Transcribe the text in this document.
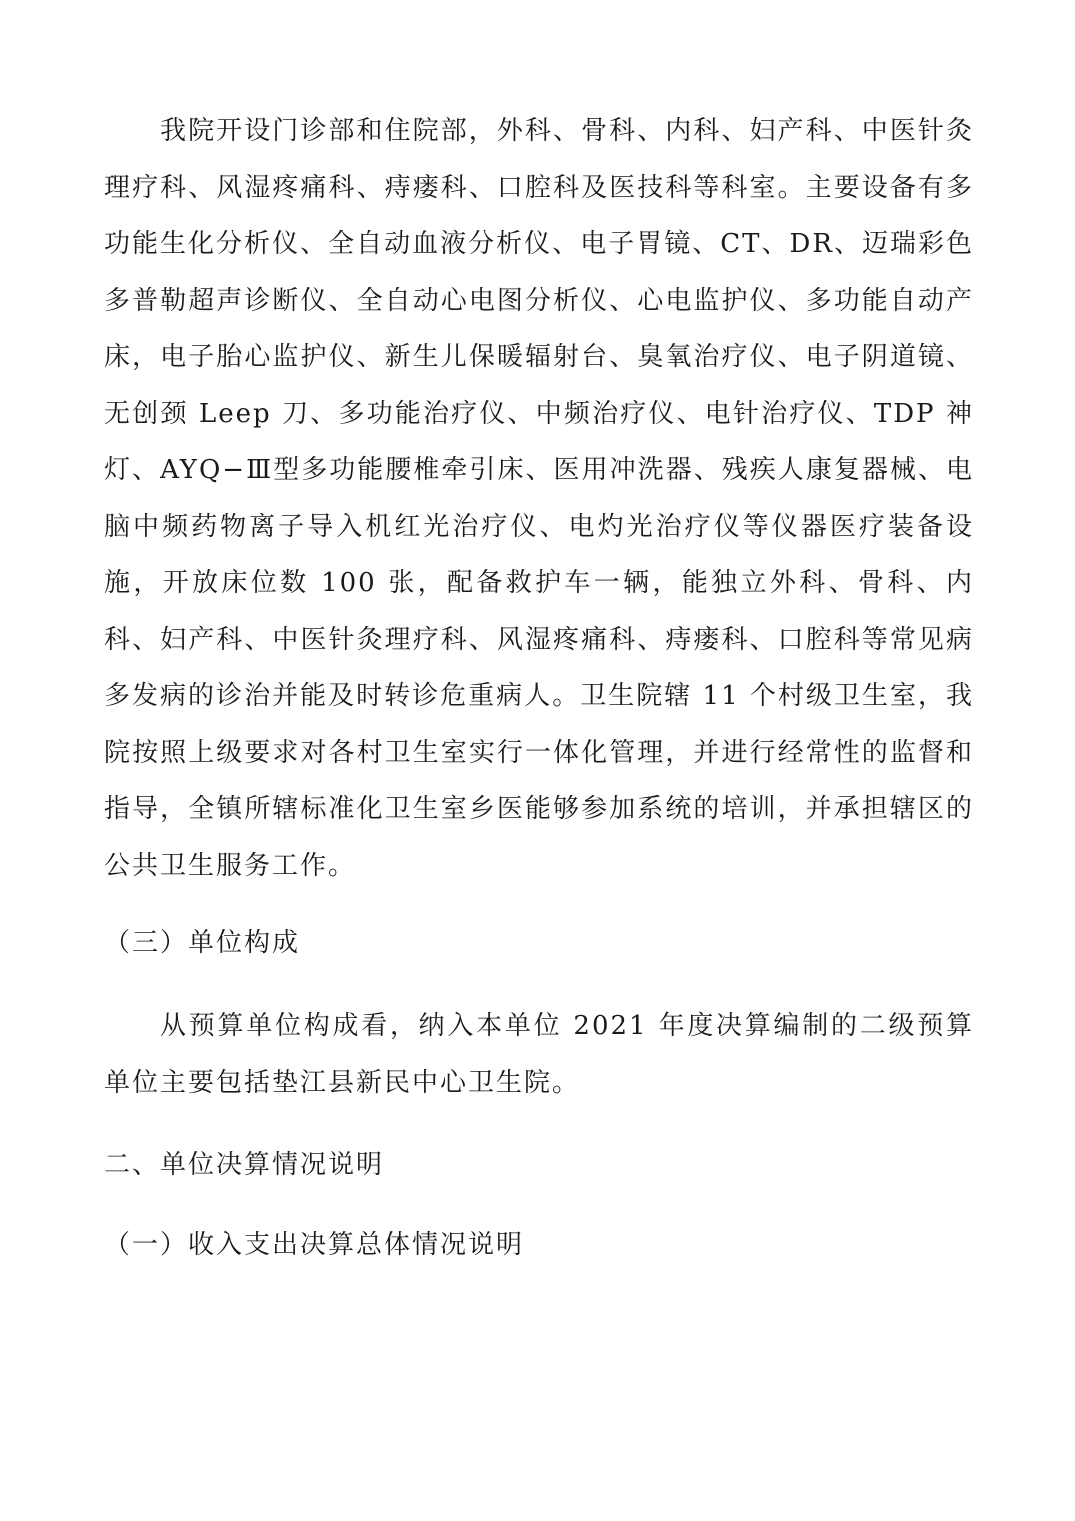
我院开设门诊部和住院部，外科、骨科、内科、妇产科、中医针灸理疗科、风湿疼痛科、痔瘘科、口腔科及医技科等科室。主要设备有多功能生化分析仪、全自动血液分析仪、电子胃镜、CT、DR、迈瑞彩色多普勒超声诊断仪、全自动心电图分析仪、心电监护仪、多功能自动产床，电子胎心监护仪、新生儿保暖辐射台、臭氧治疗仪、电子阴道镜、无创颈 Leep 刀、多功能治疗仪、中频治疗仪、电针治疗仪、TDP 神灯、AYQ−Ⅲ型多功能腰椎牵引床、医用冲洗器、残疾人康复器械、电脑中频药物离子导入机红光治疗仪、电灼光治疗仪等仪器医疗装备设施，开放床位数 100 张，配备救护车一辆，能独立外科、骨科、内科、妇产科、中医针灸理疗科、风湿疼痛科、痔瘘科、口腔科等常见病多发病的诊治并能及时转诊危重病人。卫生院辖 11 个村级卫生室，我院按照上级要求对各村卫生室实行一体化管理，并进行经常性的监督和指导，全镇所辖标准化卫生室乡医能够参加系统的培训，并承担辖区的公共卫生服务工作。

（三）单位构成

从预算单位构成看，纳入本单位 2021 年度决算编制的二级预算单位主要包括垫江县新民中心卫生院。

二、单位决算情况说明

（一）收入支出决算总体情况说明
